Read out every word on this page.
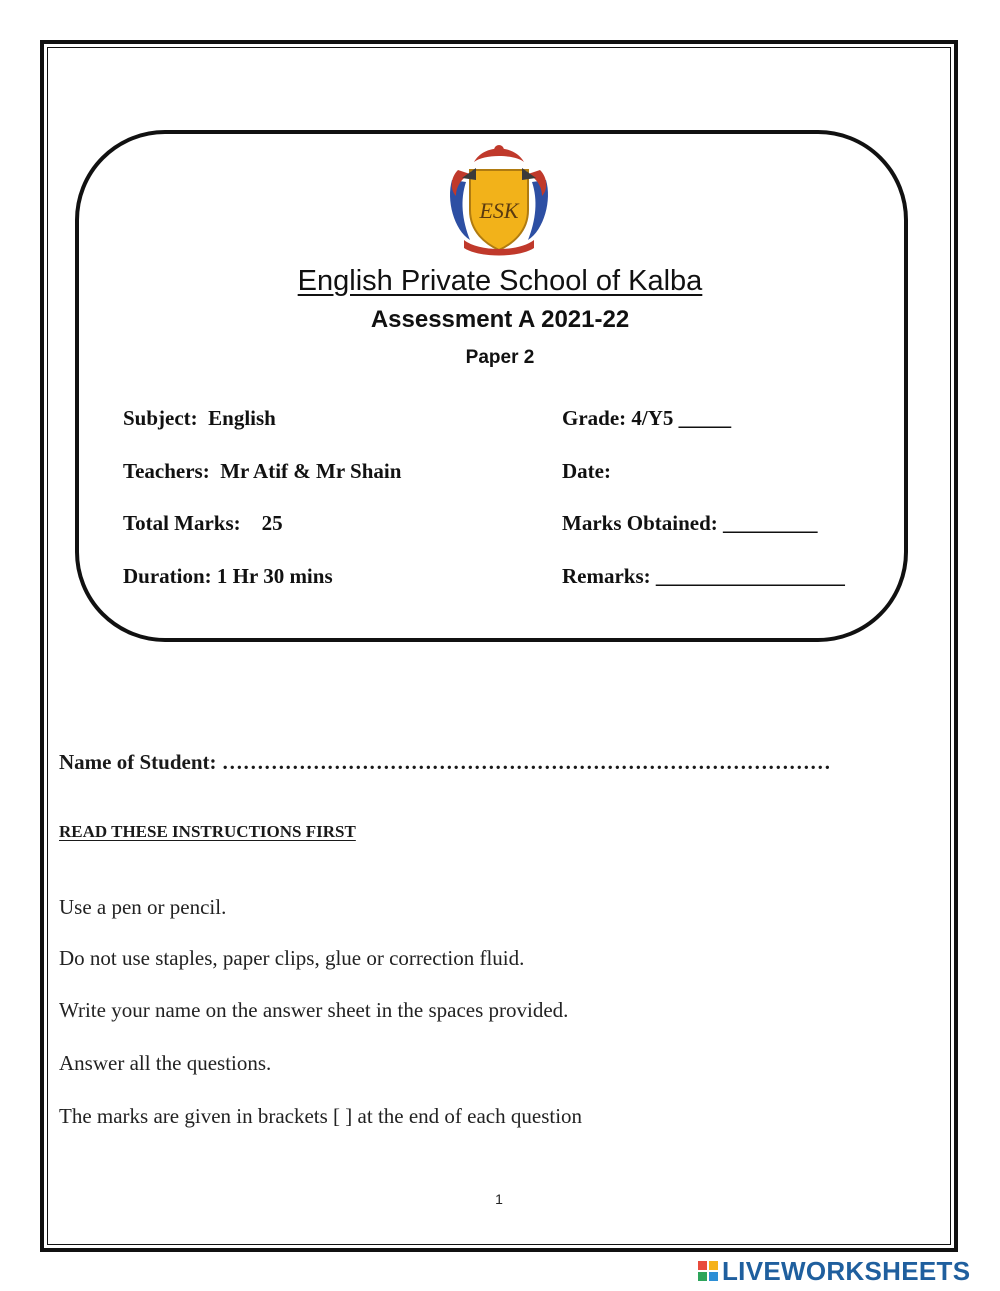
ESK
English Private School of Kalba
Assessment A 2021-22
Paper 2
Subject:  English	Grade: 4/Y5 _____
Teachers:  Mr Atif & Mr Shain	Date:
Total Marks:    25	Marks Obtained: _________
Duration: 1 Hr 30 mins	Remarks: __________________
Name of Student: ……………………………………………………………………………
READ THESE INSTRUCTIONS FIRST
Use a pen or pencil.
Do not use staples, paper clips, glue or correction fluid.
Write your name on the answer sheet in the spaces provided.
Answer all the questions.
The marks are given in brackets [ ] at the end of each question
1
LIVEWORKSHEETS
